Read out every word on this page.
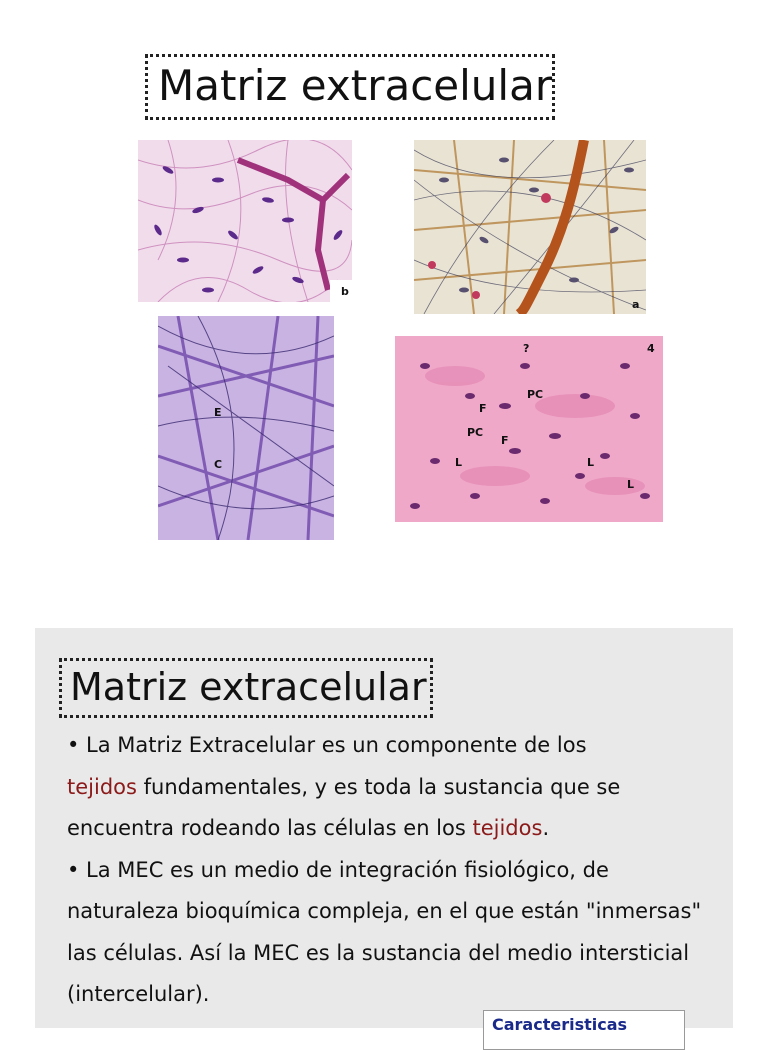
Matriz extracelular
b
a
E
C
?	4
PC
F
PC
F
L	L
L
Matriz extracelular

• La Matriz Extracelular es un componente de los
tejidos fundamentales, y es toda la sustancia que se encuentra rodeando las células en los tejidos.

• La MEC es un medio de integración fisiológico, de naturaleza bioquímica compleja, en el que están "inmersas" las células. Así la MEC es la sustancia del medio intersticial (intercelular).

Caracteristicas
